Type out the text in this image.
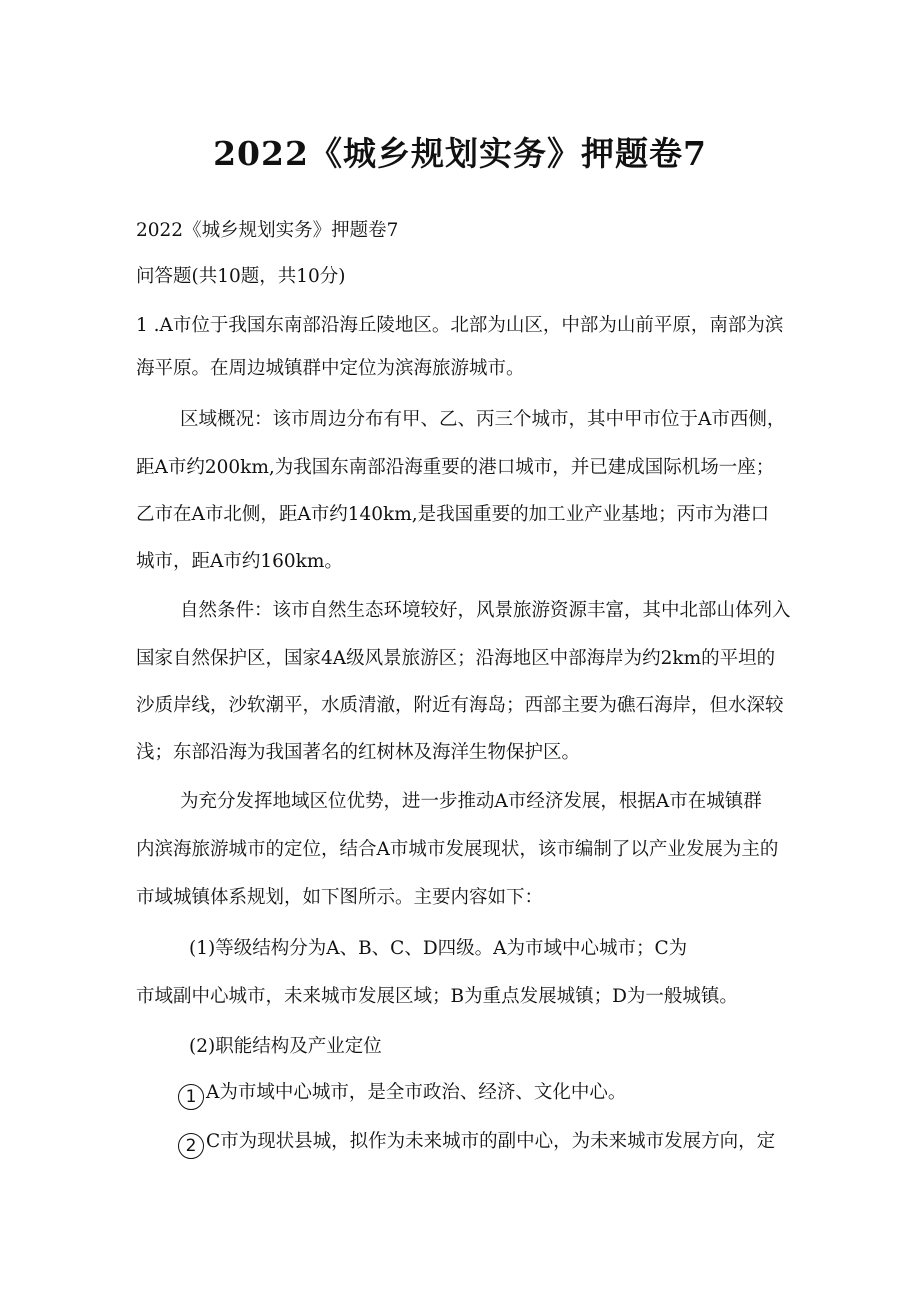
2022《城乡规划实务》押题卷7
2022《城乡规划实务》押题卷7
问答题(共10题，共10分)
1 .A市位于我国东南部沿海丘陵地区。北部为山区，中部为山前平原，南部为滨
海平原。在周边城镇群中定位为滨海旅游城市。
区域概况：该市周边分布有甲、乙、丙三个城市，其中甲市位于A市西侧，
距A市约200km,为我国东南部沿海重要的港口城市，并已建成国际机场一座；
乙市在A市北侧，距A市约140km,是我国重要的加工业产业基地；丙市为港口
城市，距A市约160km。
自然条件：该市自然生态环境较好，风景旅游资源丰富，其中北部山体列入
国家自然保护区，国家4A级风景旅游区；沿海地区中部海岸为约2km的平坦的
沙质岸线，沙软潮平，水质清澈，附近有海岛；西部主要为礁石海岸，但水深较
浅；东部沿海为我国著名的红树林及海洋生物保护区。
为充分发挥地域区位优势，进一步推动A市经济发展，根据A市在城镇群
内滨海旅游城市的定位，结合A市城市发展现状，该市编制了以产业发展为主的
市域城镇体系规划，如下图所示。主要内容如下：
(1)等级结构分为A、B、C、D四级。A为市域中心城市；C为
市域副中心城市，未来城市发展区域；B为重点发展城镇；D为一般城镇。
(2)职能结构及产业定位
1 A为市域中心城市，是全市政治、经济、文化中心。
2 C市为现状县城，拟作为未来城市的副中心，为未来城市发展方向，定
